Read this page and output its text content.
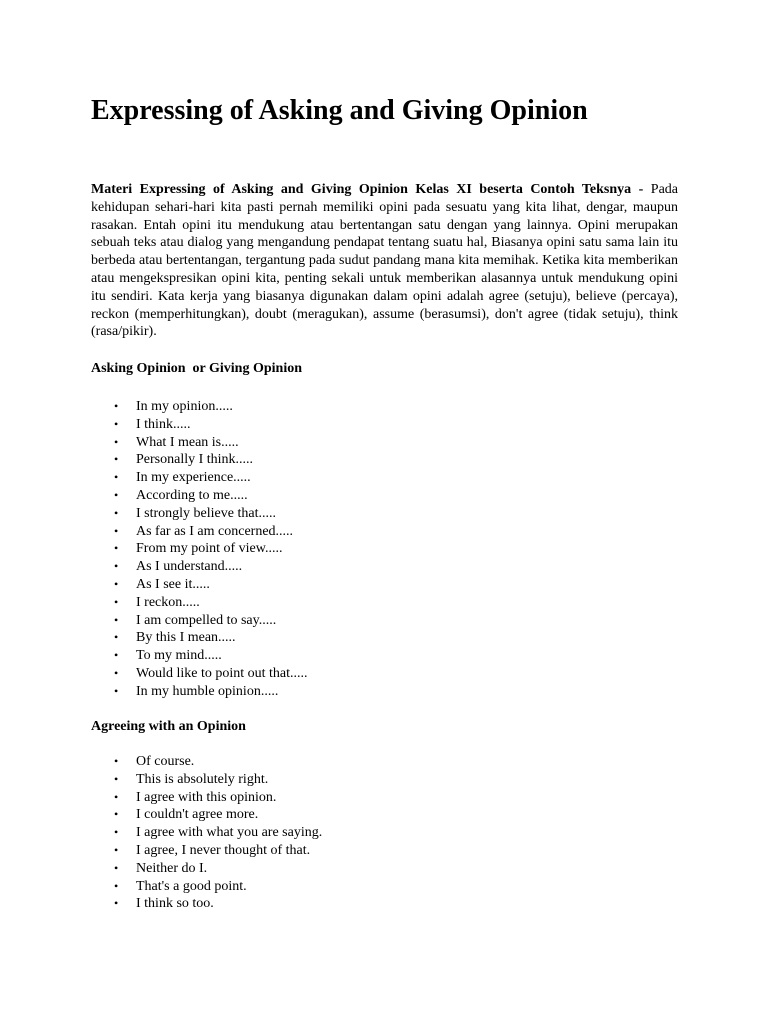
Expressing of Asking and Giving Opinion

Materi Expressing of Asking and Giving Opinion Kelas XI beserta Contoh Teksnya - Pada kehidupan sehari-hari kita pasti pernah memiliki opini pada sesuatu yang kita lihat, dengar, maupun rasakan. Entah opini itu mendukung atau bertentangan satu dengan yang lainnya. Opini merupakan sebuah teks atau dialog yang mengandung pendapat tentang suatu hal, Biasanya opini satu sama lain itu berbeda atau bertentangan, tergantung pada sudut pandang mana kita memihak. Ketika kita memberikan atau mengekspresikan opini kita, penting sekali untuk memberikan alasannya untuk mendukung opini itu sendiri. Kata kerja yang biasanya digunakan dalam opini adalah agree (setuju), believe (percaya), reckon (memperhitungkan), doubt (meragukan), assume (berasumsi), don't agree (tidak setuju), think (rasa/pikir).

Asking Opinion  or Giving Opinion
• In my opinion.....
• I think.....
• What I mean is.....
• Personally I think.....
• In my experience.....
• According to me.....
• I strongly believe that.....
• As far as I am concerned.....
• From my point of view.....
• As I understand.....
• As I see it.....
• I reckon.....
• I am compelled to say.....
• By this I mean.....
• To my mind.....
• Would like to point out that.....
• In my humble opinion.....
Agreeing with an Opinion
• Of course.
• This is absolutely right.
• I agree with this opinion.
• I couldn't agree more.
• I agree with what you are saying.
• I agree, I never thought of that.
• Neither do I.
• That's a good point.
• I think so too.
